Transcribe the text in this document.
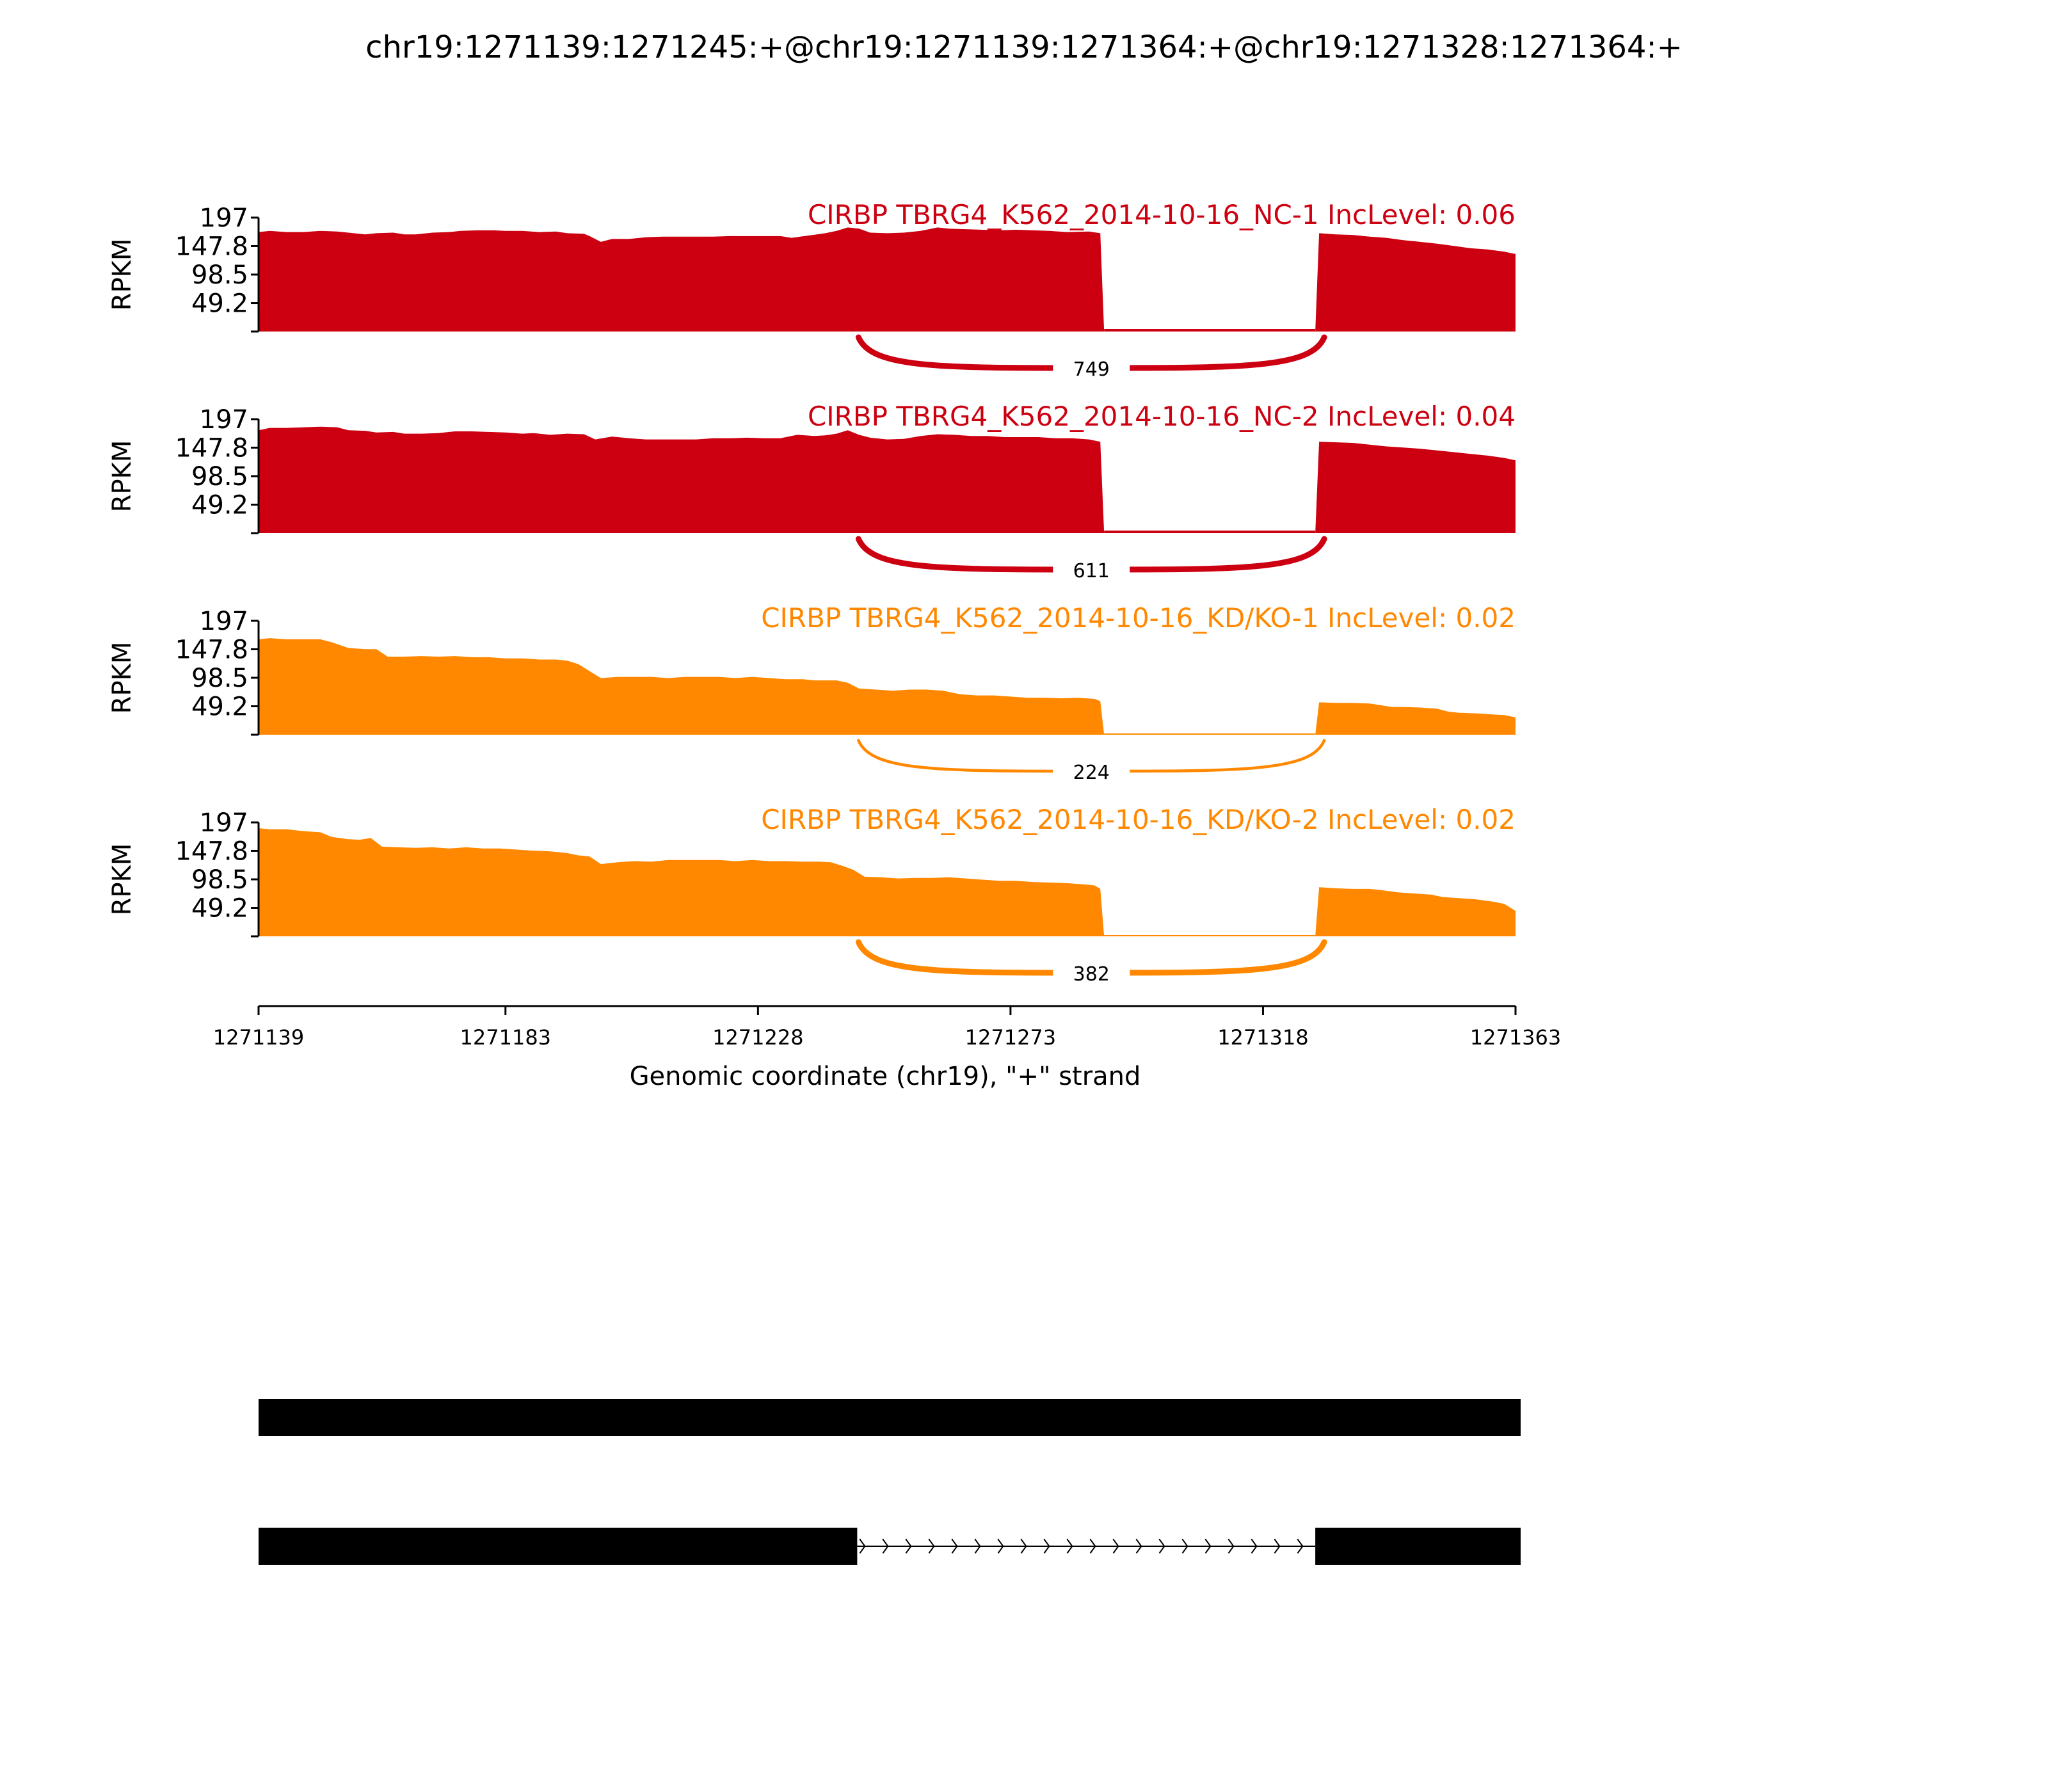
chr19:1271139:1271245:+@chr19:1271139:1271364:+@chr19:1271328:1271364:+
49.2
98.5
147.8
197
RPKM
CIRBP TBRG4_K562_2014-10-16_NC-1 IncLevel: 0.06
749
49.2
98.5
147.8
197
RPKM
CIRBP TBRG4_K562_2014-10-16_NC-2 IncLevel: 0.04
611
49.2
98.5
147.8
197
RPKM
CIRBP TBRG4_K562_2014-10-16_KD/KO-1 IncLevel: 0.02
224
49.2
98.5
147.8
197
RPKM
CIRBP TBRG4_K562_2014-10-16_KD/KO-2 IncLevel: 0.02
382
1271139	1271183	1271228	1271273	1271318	1271363
Genomic coordinate (chr19), "+" strand
